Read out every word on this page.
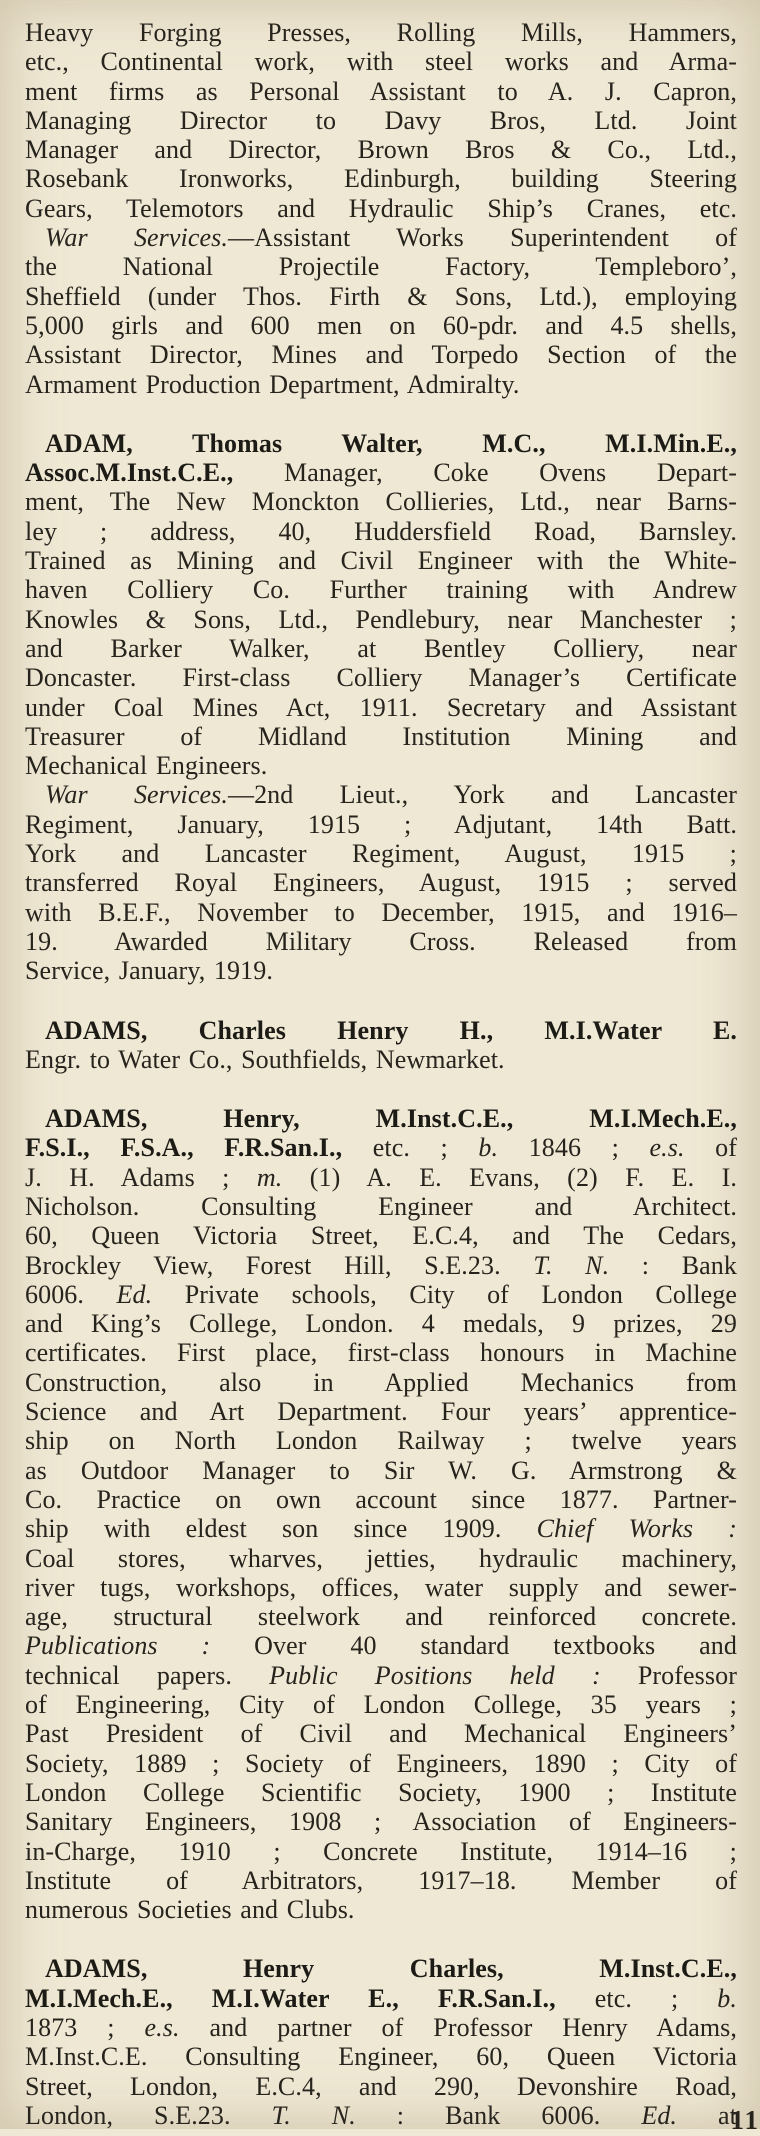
Heavy Forging Presses, Rolling Mills, Hammers,
etc., Continental work, with steel works and Arma-
ment firms as Personal Assistant to A. J. Capron,
Managing Director to Davy Bros, Ltd. Joint
Manager and Director, Brown Bros & Co., Ltd.,
Rosebank Ironworks, Edinburgh, building Steering
Gears, Telemotors and Hydraulic Ship’s Cranes, etc.
War Services.—Assistant Works Superintendent of
the National Projectile Factory, Templeboro’,
Sheffield (under Thos. Firth & Sons, Ltd.), employing
5,000 girls and 600 men on 60-pdr. and 4.5 shells,
Assistant Director, Mines and Torpedo Section of the
Armament Production Department, Admiralty.
ADAM, Thomas Walter, M.C., M.I.Min.E.,
Assoc.M.Inst.C.E., Manager, Coke Ovens Depart-
ment, The New Monckton Collieries, Ltd., near Barns-
ley ; address, 40, Huddersfield Road, Barnsley.
Trained as Mining and Civil Engineer with the White-
haven Colliery Co. Further training with Andrew
Knowles & Sons, Ltd., Pendlebury, near Manchester ;
and Barker Walker, at Bentley Colliery, near
Doncaster. First-class Colliery Manager’s Certificate
under Coal Mines Act, 1911. Secretary and Assistant
Treasurer of Midland Institution Mining and
Mechanical Engineers.
War Services.—2nd Lieut., York and Lancaster
Regiment, January, 1915 ; Adjutant, 14th Batt.
York and Lancaster Regiment, August, 1915 ;
transferred Royal Engineers, August, 1915 ; served
with B.E.F., November to December, 1915, and 1916–
19. Awarded Military Cross. Released from
Service, January, 1919.
ADAMS, Charles Henry H., M.I.Water E.
Engr. to Water Co., Southfields, Newmarket.
ADAMS, Henry, M.Inst.C.E., M.I.Mech.E.,
F.S.I., F.S.A., F.R.San.I., etc. ; b. 1846 ; e.s. of
J. H. Adams ; m. (1) A. E. Evans, (2) F. E. I.
Nicholson. Consulting Engineer and Architect.
60, Queen Victoria Street, E.C.4, and The Cedars,
Brockley View, Forest Hill, S.E.23. T. N. : Bank
6006. Ed. Private schools, City of London College
and King’s College, London. 4 medals, 9 prizes, 29
certificates. First place, first-class honours in Machine
Construction, also in Applied Mechanics from
Science and Art Department. Four years’ apprentice-
ship on North London Railway ; twelve years
as Outdoor Manager to Sir W. G. Armstrong &
Co. Practice on own account since 1877. Partner-
ship with eldest son since 1909. Chief Works :
Coal stores, wharves, jetties, hydraulic machinery,
river tugs, workshops, offices, water supply and sewer-
age, structural steelwork and reinforced concrete.
Publications : Over 40 standard textbooks and
technical papers. Public Positions held : Professor
of Engineering, City of London College, 35 years ;
Past President of Civil and Mechanical Engineers’
Society, 1889 ; Society of Engineers, 1890 ; City of
London College Scientific Society, 1900 ; Institute
Sanitary Engineers, 1908 ; Association of Engineers-
in-Charge, 1910 ; Concrete Institute, 1914–16 ;
Institute of Arbitrators, 1917–18. Member of
numerous Societies and Clubs.
ADAMS, Henry Charles, M.Inst.C.E.,
M.I.Mech.E., M.I.Water E., F.R.San.I., etc. ; b.
1873 ; e.s. and partner of Professor Henry Adams,
M.Inst.C.E. Consulting Engineer, 60, Queen Victoria
Street, London, E.C.4, and 290, Devonshire Road,
London, S.E.23. T. N. : Bank 6006. Ed. at
11
